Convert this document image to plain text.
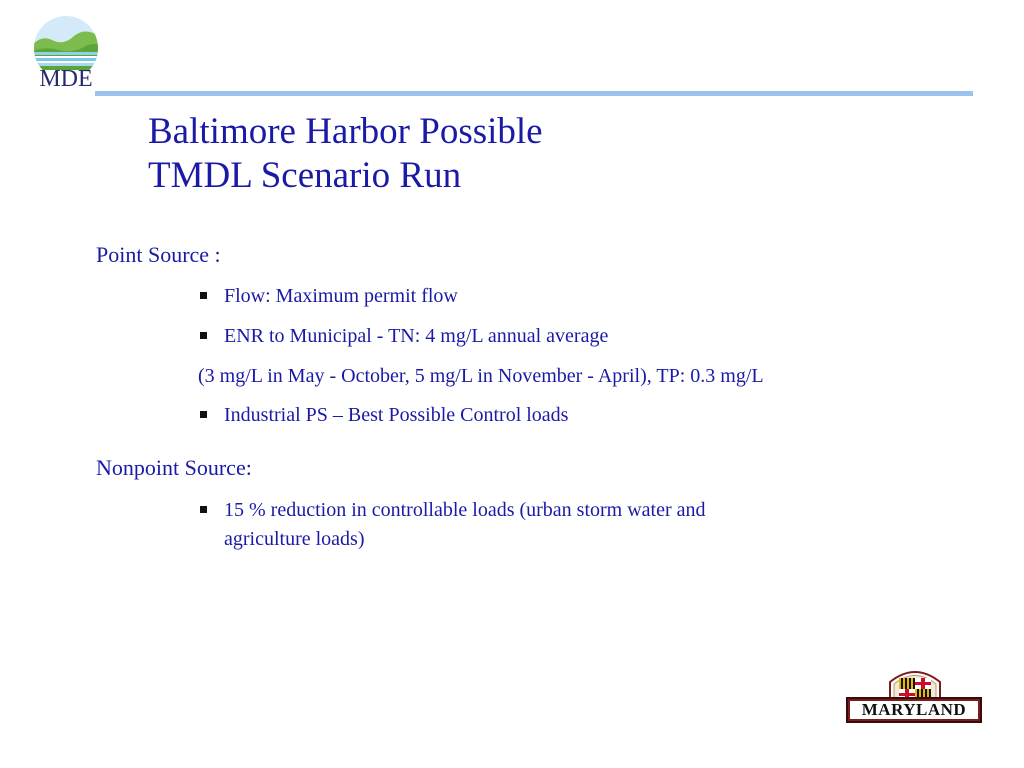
MDE
Baltimore Harbor Possible
TMDL Scenario Run
Point Source :
Flow: Maximum permit flow
ENR to Municipal - TN: 4 mg/L annual average
(3 mg/L in May - October, 5 mg/L in November - April), TP: 0.3 mg/L
Industrial PS – Best Possible Control loads
Nonpoint Source:
15 % reduction in controllable loads (urban storm water and
agriculture loads)
MARYLAND
